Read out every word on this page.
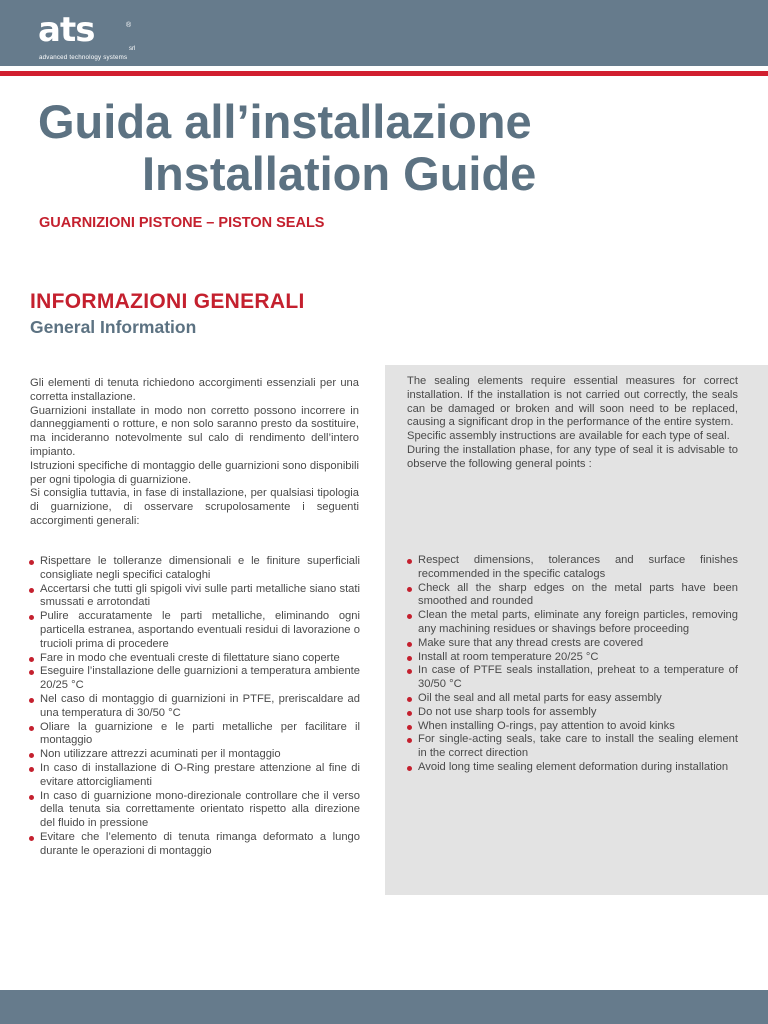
ats	®
srl
advanced technology systems
Guida all’installazione
Installation Guide
GUARNIZIONI PISTONE – PISTON SEALS
INFORMAZIONI GENERALI
General Information

Gli elementi di tenuta richiedono accorgimenti essenziali per una corretta installazione.

Guarnizioni installate in modo non corretto possono incorrere in danneggiamenti o rotture, e non solo saranno presto da sostituire, ma incideranno notevolmente sul calo di rendimento dell’intero impianto.

Istruzioni specifiche di montaggio delle guarnizioni sono disponibili per ogni tipologia di guarnizione.

Si consiglia tuttavia, in fase di installazione, per qualsiasi tipologia di guarnizione, di osservare scrupolosamente i seguenti accorgimenti generali:

The sealing elements require essential measures for correct installation. If the installation is not carried out correctly, the seals can be damaged or broken and will soon need to be replaced, causing a significant drop in the performance of the entire system.

Specific assembly instructions are available for each type of seal.

During the installation phase, for any type of seal it is advisable to observe the following general points :

Rispettare le tolleranze dimensionali e le finiture superficiali consigliate negli specifici cataloghi
Accertarsi che tutti gli spigoli vivi sulle parti metalliche siano stati smussati e arrotondati
Pulire accuratamente le parti metalliche, eliminando ogni particella estranea, asportando eventuali residui di lavorazione o trucioli prima di procedere
Fare in modo che eventuali creste di filettature siano coperte
Eseguire l’installazione delle guarnizioni a temperatura ambiente 20/25 °C
Nel caso di montaggio di guarnizioni in PTFE, preriscaldare ad una temperatura di 30/50 °C
Oliare la guarnizione e le parti metalliche per facilitare il montaggio
Non utilizzare attrezzi acuminati per il montaggio
In caso di installazione di O-Ring prestare attenzione al fine di evitare attorcigliamenti
In caso di guarnizione mono-direzionale controllare che il verso della tenuta sia correttamente orientato rispetto alla direzione del fluido in pressione
Evitare che l’elemento di tenuta rimanga deformato a lungo durante le operazioni di montaggio
Respect dimensions, tolerances and surface finishes recommended in the specific catalogs
Check all the sharp edges on the metal parts have been smoothed and rounded
Clean the metal parts, eliminate any foreign particles, removing any machining residues or shavings before proceeding
Make sure that any thread crests are covered
Install at room temperature 20/25 °C
In case of PTFE seals installation, preheat to a temperature of 30/50 °C
Oil the seal and all metal parts for easy assembly
Do not use sharp tools for assembly
When installing O-rings, pay attention to avoid kinks
For single-acting seals, take care to install the sealing element in the correct direction
Avoid long time sealing element deformation during installation
